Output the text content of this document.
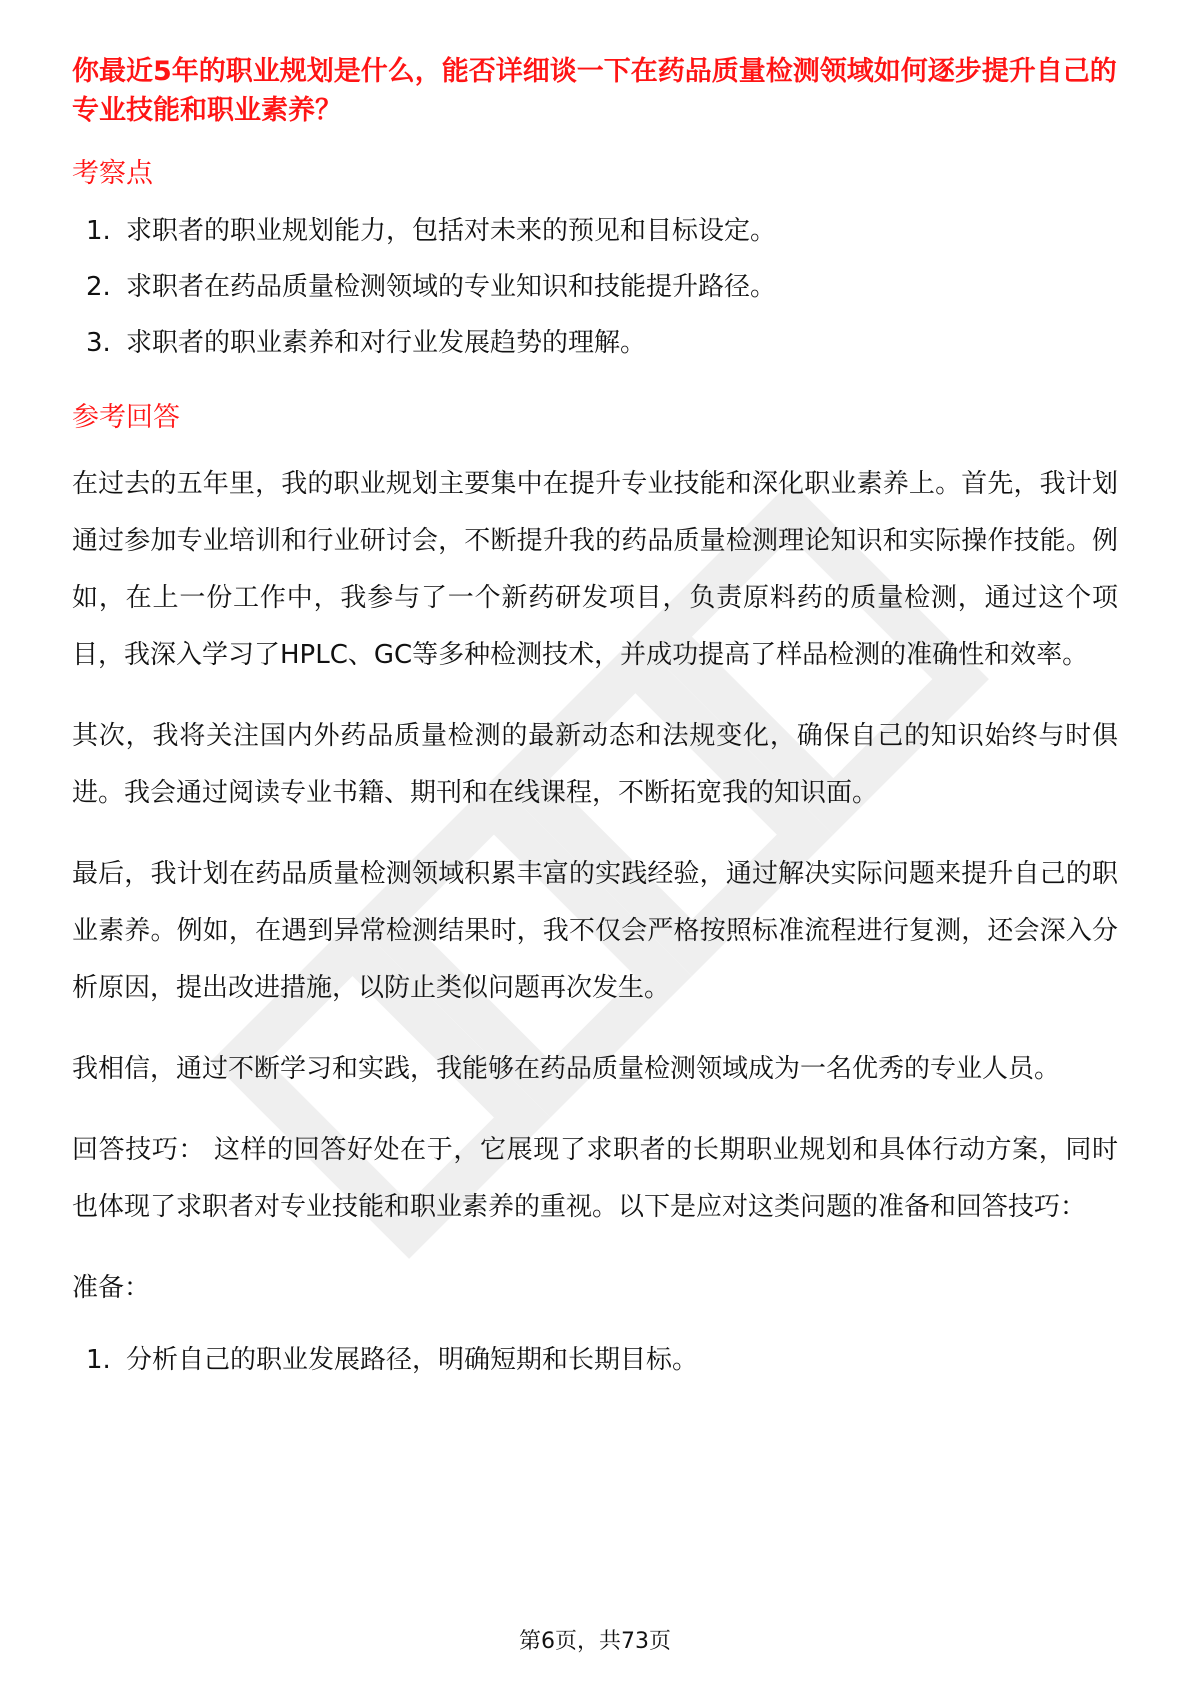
你最近5年的职业规划是什么，能否详细谈一下在药品质量检测领域如何逐步提升自己的专业技能和职业素养？
考察点
1. 求职者的职业规划能力，包括对未来的预见和目标设定。
2. 求职者在药品质量检测领域的专业知识和技能提升路径。
3. 求职者的职业素养和对行业发展趋势的理解。
参考回答

在过去的五年里，我的职业规划主要集中在提升专业技能和深化职业素养上。首先，我计划通过参加专业培训和行业研讨会，不断提升我的药品质量检测理论知识和实际操作技能。例如，在上一份工作中，我参与了一个新药研发项目，负责原料药的质量检测，通过这个项目，我深入学习了HPLC、GC等多种检测技术，并成功提高了样品检测的准确性和效率。

其次，我将关注国内外药品质量检测的最新动态和法规变化，确保自己的知识始终与时俱进。我会通过阅读专业书籍、期刊和在线课程，不断拓宽我的知识面。

最后，我计划在药品质量检测领域积累丰富的实践经验，通过解决实际问题来提升自己的职业素养。例如，在遇到异常检测结果时，我不仅会严格按照标准流程进行复测，还会深入分析原因，提出改进措施，以防止类似问题再次发生。

我相信，通过不断学习和实践，我能够在药品质量检测领域成为一名优秀的专业人员。

回答技巧： 这样的回答好处在于，它展现了求职者的长期职业规划和具体行动方案，同时也体现了求职者对专业技能和职业素养的重视。以下是应对这类问题的准备和回答技巧：

准备：

1. 分析自己的职业发展路径，明确短期和长期目标。
第6页，共73页
